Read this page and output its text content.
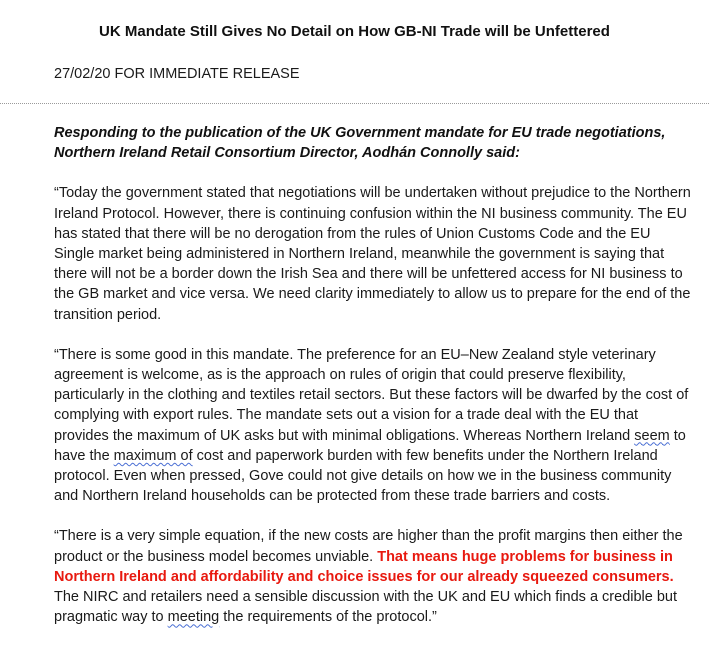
UK Mandate Still Gives No Detail on How GB-NI Trade will be Unfettered

27/02/20 FOR IMMEDIATE RELEASE

Responding to the publication of the UK Government mandate for EU trade negotiations, Northern Ireland Retail Consortium Director, Aodhán Connolly said:

“Today the government stated that negotiations will be undertaken without prejudice to the Northern Ireland Protocol. However, there is continuing confusion within the NI business community. The EU has stated that there will be no derogation from the rules of Union Customs Code and the EU Single market being administered in Northern Ireland, meanwhile the government is saying that there will not be a border down the Irish Sea and there will be unfettered access for NI business to the GB market and vice versa. We need clarity immediately to allow us to prepare for the end of the transition period.

“There is some good in this mandate. The preference for an EU–New Zealand style veterinary agreement is welcome, as is the approach on rules of origin that could preserve flexibility, particularly in the clothing and textiles retail sectors. But these factors will be dwarfed by the cost of complying with export rules. The mandate sets out a vision for a trade deal with the EU that provides the maximum of UK asks but with minimal obligations. Whereas Northern Ireland seem to have the maximum of cost and paperwork burden with few benefits under the Northern Ireland protocol. Even when pressed, Gove could not give details on how we in the business community and Northern Ireland households can be protected from these trade barriers and costs.

“There is a very simple equation, if the new costs are higher than the profit margins then either the product or the business model becomes unviable. That means huge problems for business in Northern Ireland and affordability and choice issues for our already squeezed consumers. The NIRC and retailers need a sensible discussion with the UK and EU which finds a credible but pragmatic way to meeting the requirements of the protocol.”
